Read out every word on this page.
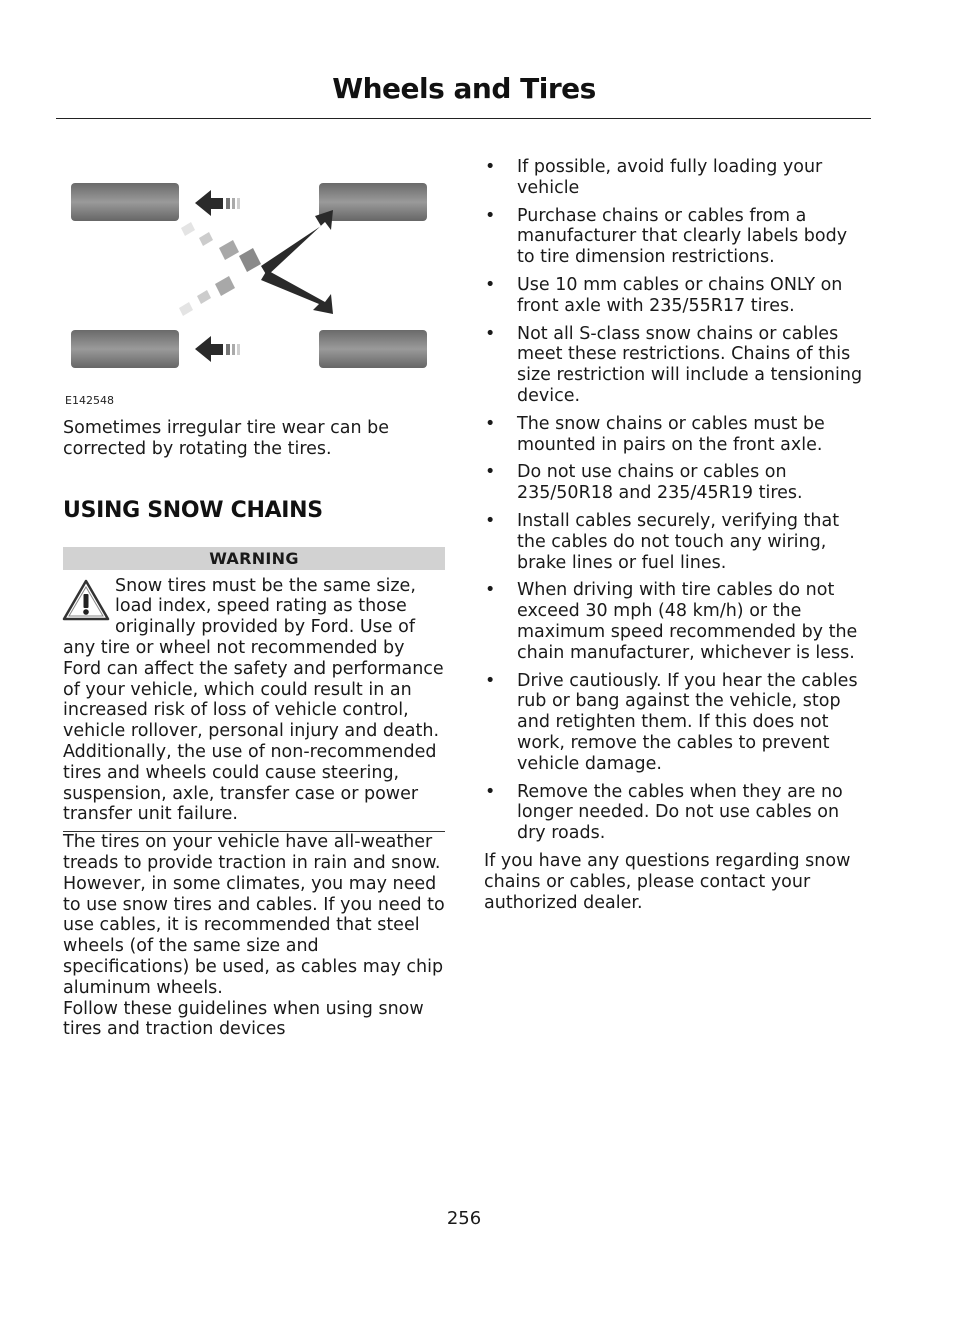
Wheels and Tires
E142548

Sometimes irregular tire wear can be corrected by rotating the tires.

USING SNOW CHAINS
WARNING

Snow tires must be the same size, load index, speed rating as those originally provided by Ford. Use of any tire or wheel not recommended by Ford can affect the safety and performance of your vehicle, which could result in an increased risk of loss of vehicle control, vehicle rollover, personal injury and death. Additionally, the use of non-recommended tires and wheels could cause steering, suspension, axle, transfer case or power transfer unit failure.

The tires on your vehicle have all-weather treads to provide traction in rain and snow. However, in some climates, you may need to use snow tires and cables. If you need to use cables, it is recommended that steel wheels (of the same size and specifications) be used, as cables may chip aluminum wheels.

Follow these guidelines when using snow tires and traction devices

• If possible, avoid fully loading your vehicle
• Purchase chains or cables from a manufacturer that clearly labels body to tire dimension restrictions.
• Use 10 mm cables or chains ONLY on front axle with 235/55R17 tires.
• Not all S-class snow chains or cables meet these restrictions. Chains of this size restriction will include a tensioning device.
• The snow chains or cables must be mounted in pairs on the front axle.
• Do not use chains or cables on 235/50R18 and 235/45R19 tires.
• Install cables securely, verifying that the cables do not touch any wiring, brake lines or fuel lines.
• When driving with tire cables do not exceed 30 mph (48 km/h) or the maximum speed recommended by the chain manufacturer, whichever is less.
• Drive cautiously. If you hear the cables rub or bang against the vehicle, stop and retighten them. If this does not work, remove the cables to prevent vehicle damage.
• Remove the cables when they are no longer needed. Do not use cables on dry roads.

If you have any questions regarding snow chains or cables, please contact your authorized dealer.

256
